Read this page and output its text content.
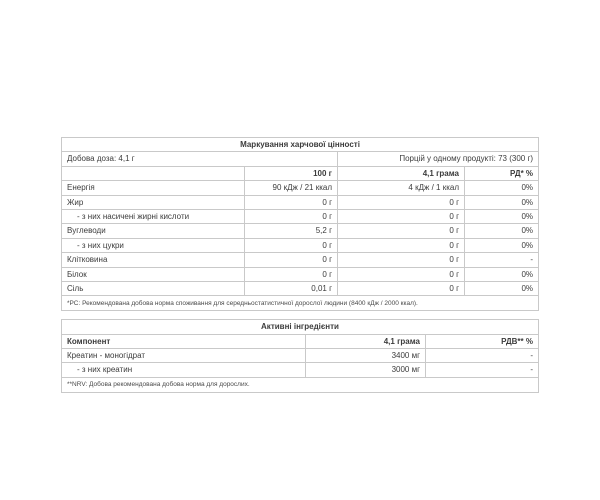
Маркування харчової цінності			
Добова доза: 4,1 г		Порцій у одному продукті: 73 (300 г)	
	100 г	4,1 грама	РД* %
Енергія	90 кДж / 21 ккал	4 кДж / 1 ккал	0%
Жир	0 г	0 г	0%
- з них насичені жирні кислоти	0 г	0 г	0%
Вуглеводи	5,2 г	0 г	0%
- з них цукри	0 г	0 г	0%
Клітковина	0 г	0 г	-
Білок	0 г	0 г	0%
Сіль	0,01 г	0 г	0%
*РС: Рекомендована добова норма споживання для середньостатистичної дорослої людини (8400 кДж / 2000 ккал).			
Активні інгредієнти		
Компонент	4,1 грама	РДВ** %
Креатин - моногідрат	3400 мг	-
- з них креатин	3000 мг	-
**NRV: Добова рекомендована добова норма для дорослих.		
